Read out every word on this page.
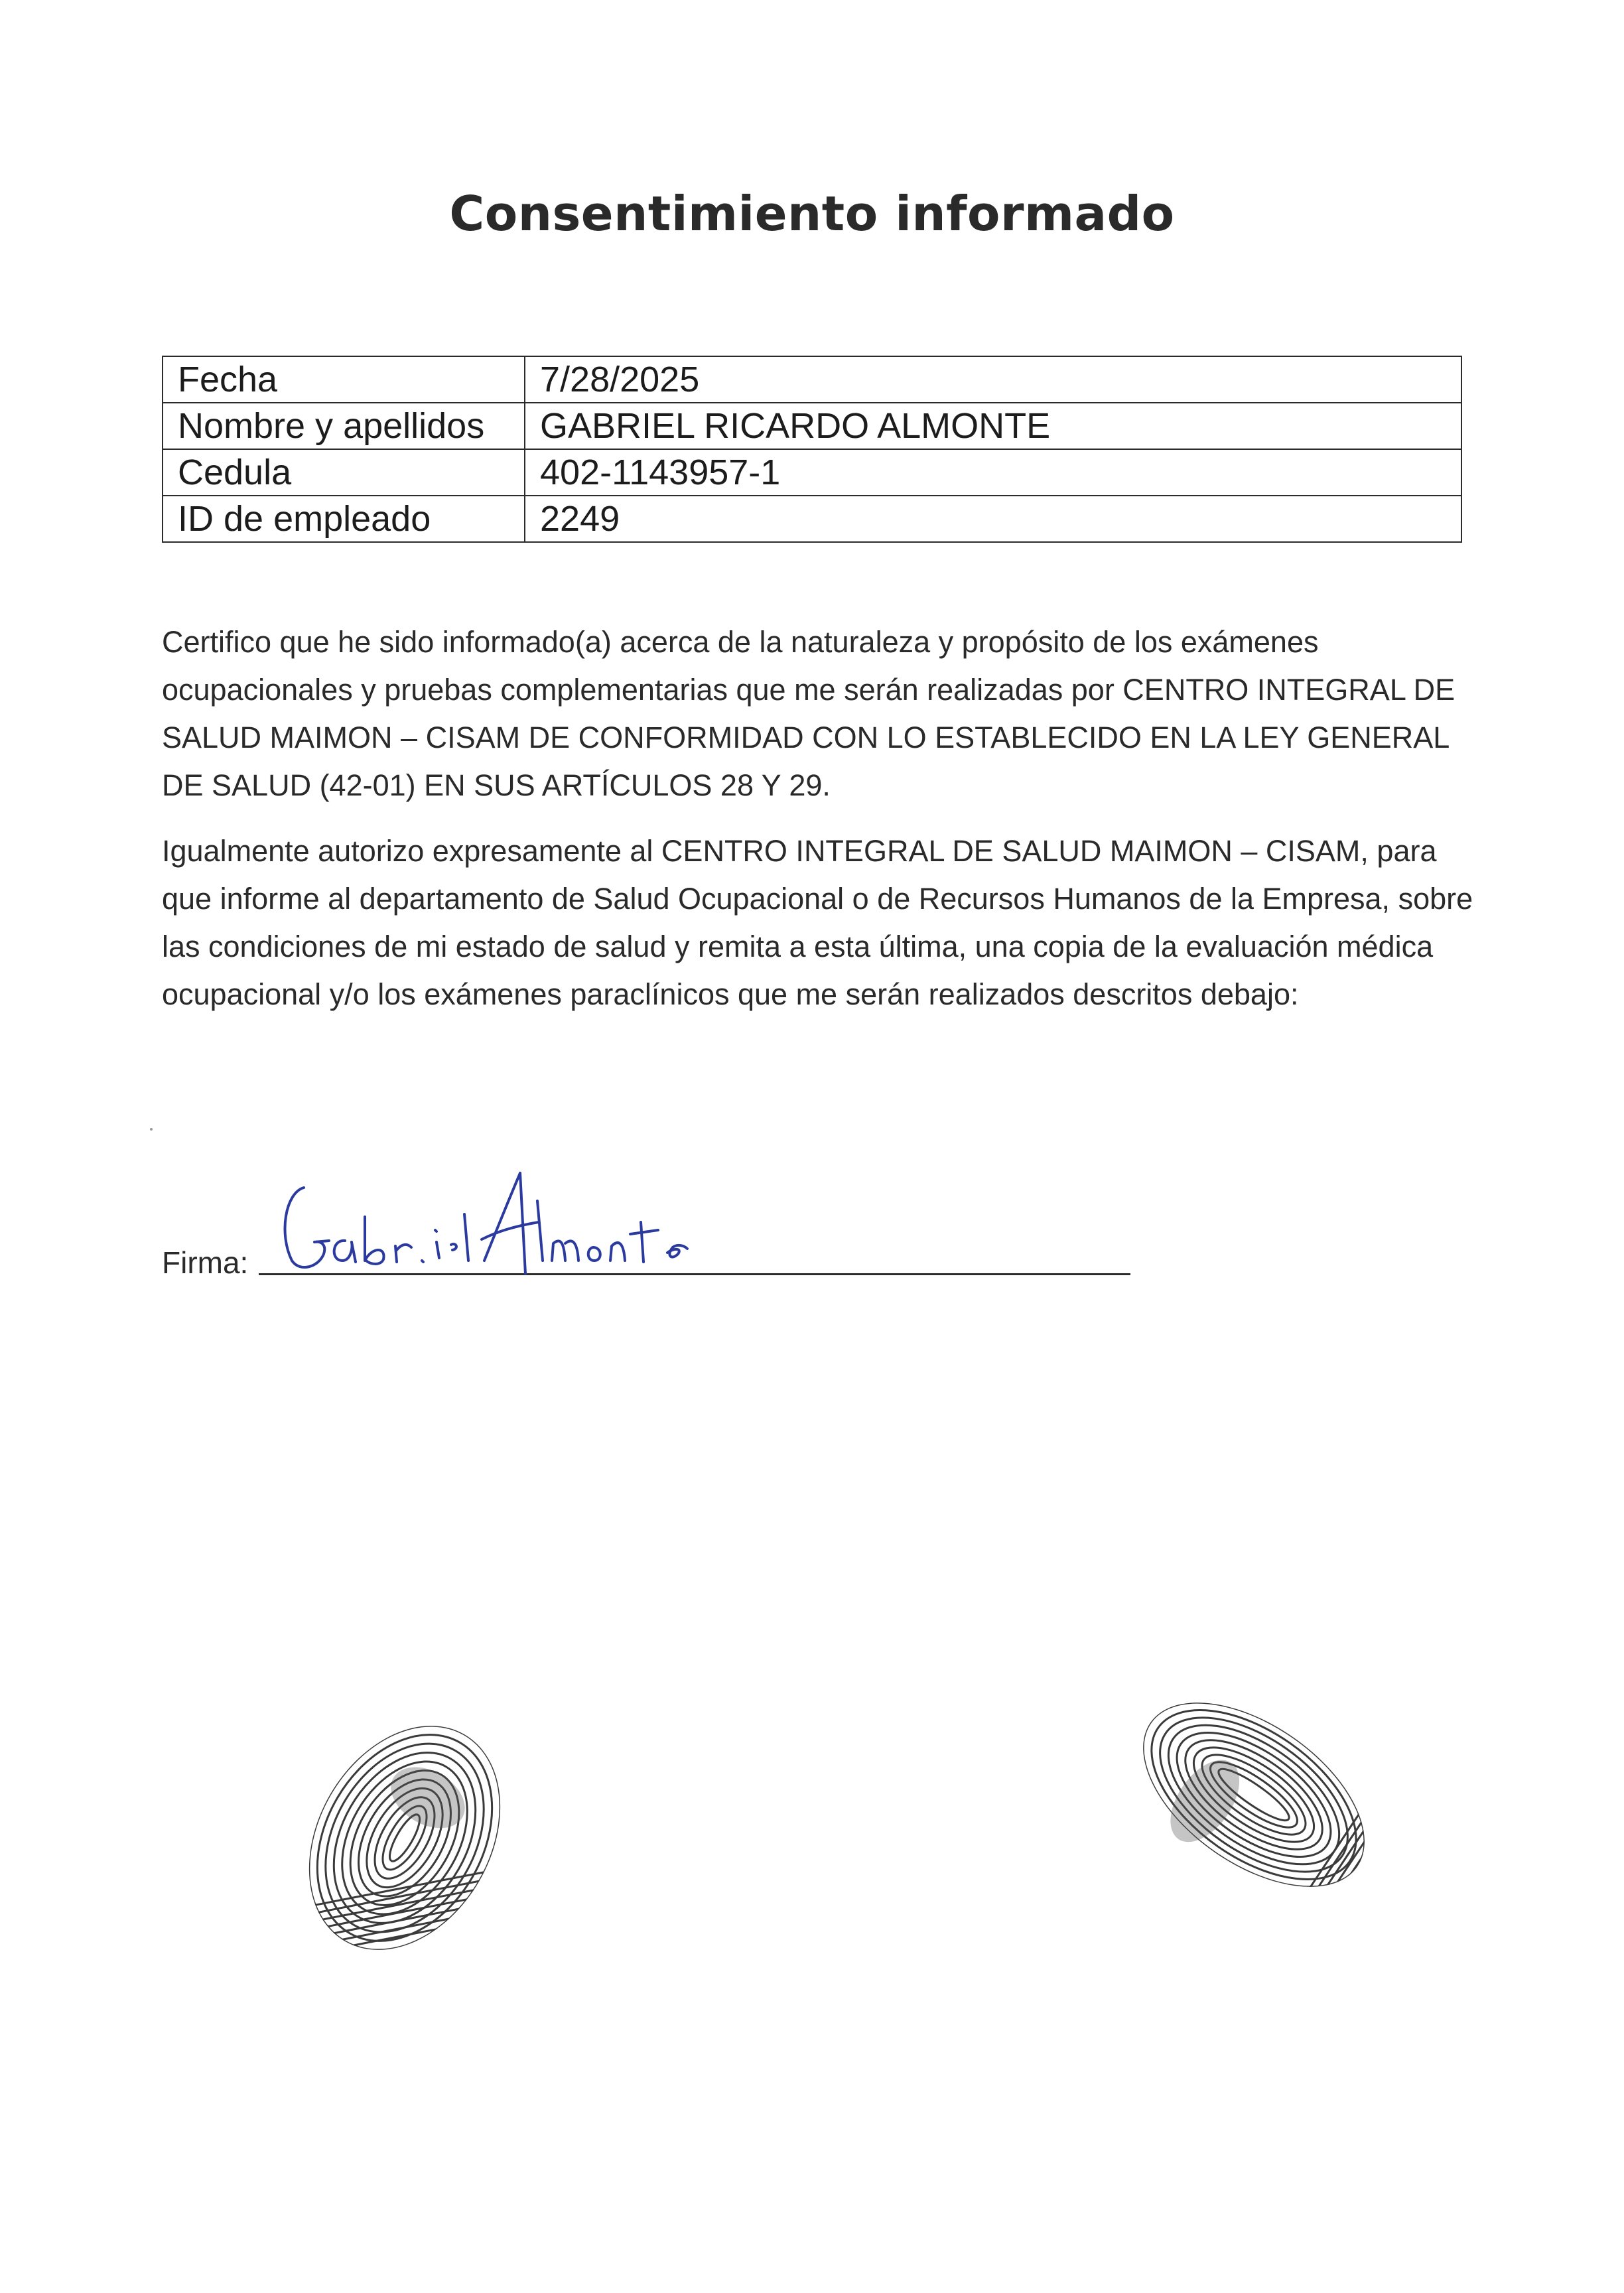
Consentimiento informado
Fecha	7/28/2025
Nombre y apellidos	GABRIEL RICARDO ALMONTE
Cedula	402-1143957-1
ID de empleado	2249

Certifico que he sido informado(a) acerca de la naturaleza y propósito de los exámenes ocupacionales y pruebas complementarias que me serán realizadas por CENTRO INTEGRAL DE SALUD MAIMON – CISAM DE CONFORMIDAD CON LO ESTABLECIDO EN LA LEY GENERAL DE SALUD (42-01) EN SUS ARTÍCULOS 28 Y 29.

Igualmente autorizo expresamente al CENTRO INTEGRAL DE SALUD MAIMON – CISAM, para que informe al departamento de Salud Ocupacional o de Recursos Humanos de la Empresa, sobre las condiciones de mi estado de salud y remita a esta última, una copia de la evaluación médica ocupacional y/o los exámenes paraclínicos que me serán realizados descritos debajo:

Firma:
